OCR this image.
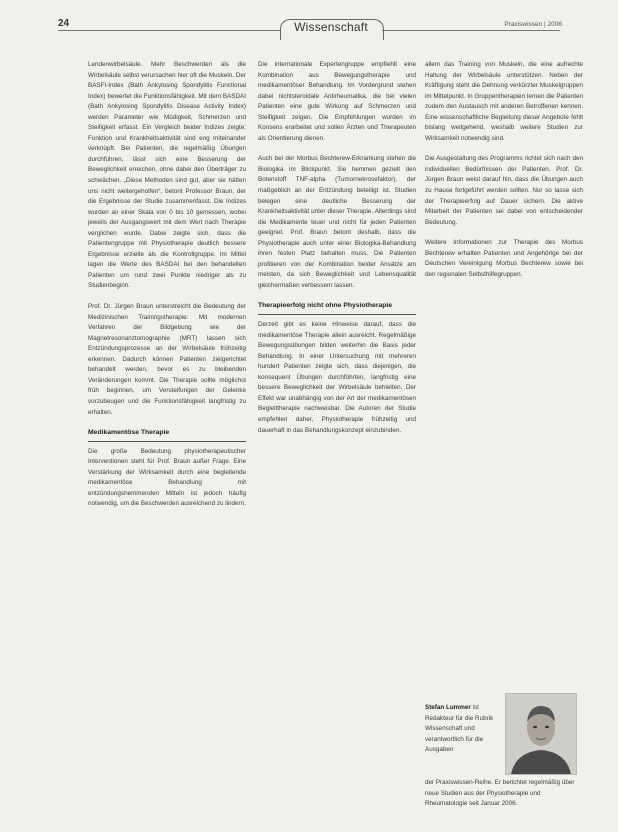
24	Wissenschaft	Praxiswissen | 2006

Lendenwirbelsäule. Mehr Beschwerden als die Wirbelsäule selbst verursachen hier oft die Muskeln. Der BASFI-Index (Bath Ankylosing Spondylitis Functional Index) bewertet die Funktionsfähigkeit. Mit dem BASDAI (Bath Ankylosing Spondylitis Disease Activity Index) werden Parameter wie Müdigkeit, Schmerzen und Steifigkeit erfasst. Ein Vergleich beider Indizes zeigte: Funktion und Krankheitsaktivität sind eng miteinander verknüpft. Bei Patienten, die regelmäßig Übungen durchführen, lässt sich eine Besserung der Beweglichkeit erreichen, ohne dabei den Überträger zu schwächen. „Diese Methoden sind gut, aber sie hätten uns nicht weitergeholfen“, betont Professor Braun, der die Ergebnisse der Studie zusammenfasst. Die Indizes wurden an einer Skala von 0 bis 10 gemessen, wobei jeweils der Ausgangswert mit dem Wert nach Therapie verglichen wurde. Dabei zeigte sich, dass die Patientengruppe mit Physiotherapie deutlich bessere Ergebnisse erzielte als die Kontrollgruppe. Im Mittel lagen die Werte des BASDAI bei den behandelten Patienten um rund zwei Punkte niedriger als zu Studienbeginn.

Prof. Dr. Jürgen Braun unterstreicht die Bedeutung der Medizinischen Trainingstherapie: Mit modernen Verfahren der Bildgebung wie der Magnetresonanztomographie (MRT) lassen sich Entzündungsprozesse an der Wirbelsäule frühzeitig erkennen. Dadurch können Patienten zielgerichtet behandelt werden, bevor es zu bleibenden Veränderungen kommt. Die Therapie sollte möglichst früh beginnen, um Versteifungen der Gelenke vorzubeugen und die Funktionsfähigkeit langfristig zu erhalten.

Medikamentöse Therapie

Die große Bedeutung physiotherapeutischer Interventionen steht für Prof. Braun außer Frage. Eine Verstärkung der Wirksamkeit durch eine begleitende medikamentöse Behandlung mit entzündungshemmenden Mitteln ist jedoch häufig notwendig, um die Beschwerden ausreichend zu lindern.

Die internationale Expertengruppe empfiehlt eine Kombination aus Bewegungstherapie und medikamentöser Behandlung. Im Vordergrund stehen dabei nichtsteroidale Antirheumatika, die bei vielen Patienten eine gute Wirkung auf Schmerzen und Steifigkeit zeigen. Die Empfehlungen wurden im Konsens erarbeitet und sollen Ärzten und Therapeuten als Orientierung dienen.

Auch bei der Morbus Bechterew-Erkrankung stehen die Biologika im Blickpunkt. Sie hemmen gezielt den Botenstoff TNF-alpha (Tumornekrosefaktor), der maßgeblich an der Entzündung beteiligt ist. Studien belegen eine deutliche Besserung der Krankheitsaktivität unter dieser Therapie. Allerdings sind die Medikamente teuer und nicht für jeden Patienten geeignet. Prof. Braun betont deshalb, dass die Physiotherapie auch unter einer Biologika-Behandlung ihren festen Platz behalten muss. Die Patienten profitieren von der Kombination beider Ansätze am meisten, da sich Beweglichkeit und Lebensqualität gleichermaßen verbessern lassen.

Therapieerfolg nicht ohne Physiotherapie

Derzeit gibt es keine Hinweise darauf, dass die medikamentöse Therapie allein ausreicht. Regelmäßige Bewegungsübungen bilden weiterhin die Basis jeder Behandlung. In einer Untersuchung mit mehreren hundert Patienten zeigte sich, dass diejenigen, die konsequent Übungen durchführten, langfristig eine bessere Beweglichkeit der Wirbelsäule behielten. Der Effekt war unabhängig von der Art der medikamentösen Begleittherapie nachweisbar. Die Autoren der Studie empfehlen daher, Physiotherapie frühzeitig und dauerhaft in das Behandlungskonzept einzubinden.

allem das Training von Muskeln, die eine aufrechte Haltung der Wirbelsäule unterstützen. Neben der Kräftigung steht die Dehnung verkürzter Muskelgruppen im Mittelpunkt. In Gruppentherapien lernen die Patienten zudem den Austausch mit anderen Betroffenen kennen. Eine wissenschaftliche Begleitung dieser Angebote fehlt bislang weitgehend, weshalb weitere Studien zur Wirksamkeit notwendig sind.

Die Ausgestaltung des Programms richtet sich nach den individuellen Bedürfnissen der Patienten. Prof. Dr. Jürgen Braun weist darauf hin, dass die Übungen auch zu Hause fortgeführt werden sollten. Nur so lasse sich der Therapieerfolg auf Dauer sichern. Die aktive Mitarbeit der Patienten sei dabei von entscheidender Bedeutung.

Weitere Informationen zur Therapie des Morbus Bechterew erhalten Patienten und Angehörige bei der Deutschen Vereinigung Morbus Bechterew sowie bei den regionalen Selbsthilfegruppen.

Stefan Lummer ist Redakteur für die Rubrik Wissenschaft und verantwortlich für die Ausgaben
der Praxiswissen-Reihe. Er berichtet regelmäßig über neue Studien aus der Physiotherapie und Rheumatologie seit Januar 2006.
